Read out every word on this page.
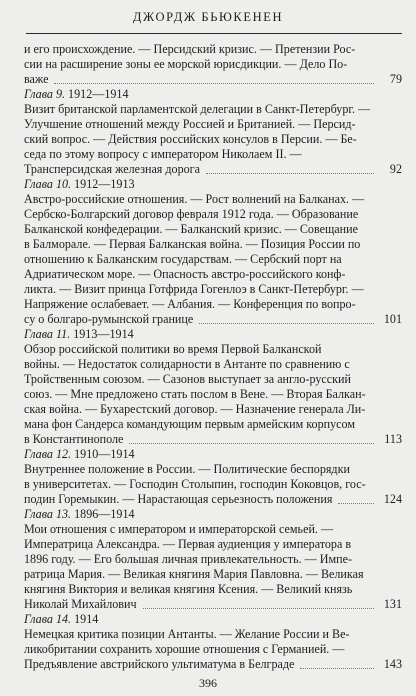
ДЖОРДЖ БЬЮКЕНЕН
и его происхождение. — Персидский кризис. — Претензии Рос-
сии на расширение зоны ее морской юрисдикции. — Дело По-
важе	79
Глава 9. 1912—1914
Визит британской парламентской делегации в Санкт-Петербург. —
Улучшение отношений между Россией и Британией. — Персид-
ский вопрос. — Действия российских консулов в Персии. — Бе-
седа по этому вопросу с императором Николаем II. —
Трансперсидская железная дорога	92
Глава 10. 1912—1913
Австро-российские отношения. — Рост волнений на Балканах. —
Сербско-Болгарский договор февраля 1912 года. — Образование
Балканской конфедерации. — Балканский кризис. — Совещание
в Балморале. — Первая Балканская война. — Позиция России по
отношению к Балканским государствам. — Сербский порт на
Адриатическом море. — Опасность австро-российского конф-
ликта. — Визит принца Готфрида Гогенлоэ в Санкт-Петербург. —
Напряжение ослабевает. — Албания. — Конференция по вопро-
су о болгаро-румынской границе	101
Глава 11. 1913—1914
Обзор российской политики во время Первой Балканской
войны. — Недостаток солидарности в Антанте по сравнению с
Тройственным союзом. — Сазонов выступает за англо-русский
союз. — Мне предложено стать послом в Вене. — Вторая Балкан-
ская война. — Бухарестский договор. — Назначение генерала Ли-
мана фон Сандерса командующим первым армейским корпусом
в Константинополе	113
Глава 12. 1910—1914
Внутреннее положение в России. — Политические беспорядки
в университетах. — Господин Столыпин, господин Коковцов, гос-
подин Горемыкин. — Нарастающая серьезность положения	124
Глава 13. 1896—1914
Мои отношения с императором и императорской семьей. —
Императрица Александра. — Первая аудиенция у императора в
1896 году. — Его большая личная привлекательность. — Импе-
ратрица Мария. — Великая княгиня Мария Павловна. — Великая
княгиня Виктория и великая княгиня Ксения. — Великий князь
Николай Михайлович	131
Глава 14. 1914
Немецкая критика позиции Антанты. — Желание России и Ве-
ликобритании сохранить хорошие отношения с Германией. —
Предъявление австрийского ультиматума в Белграде	143
396
